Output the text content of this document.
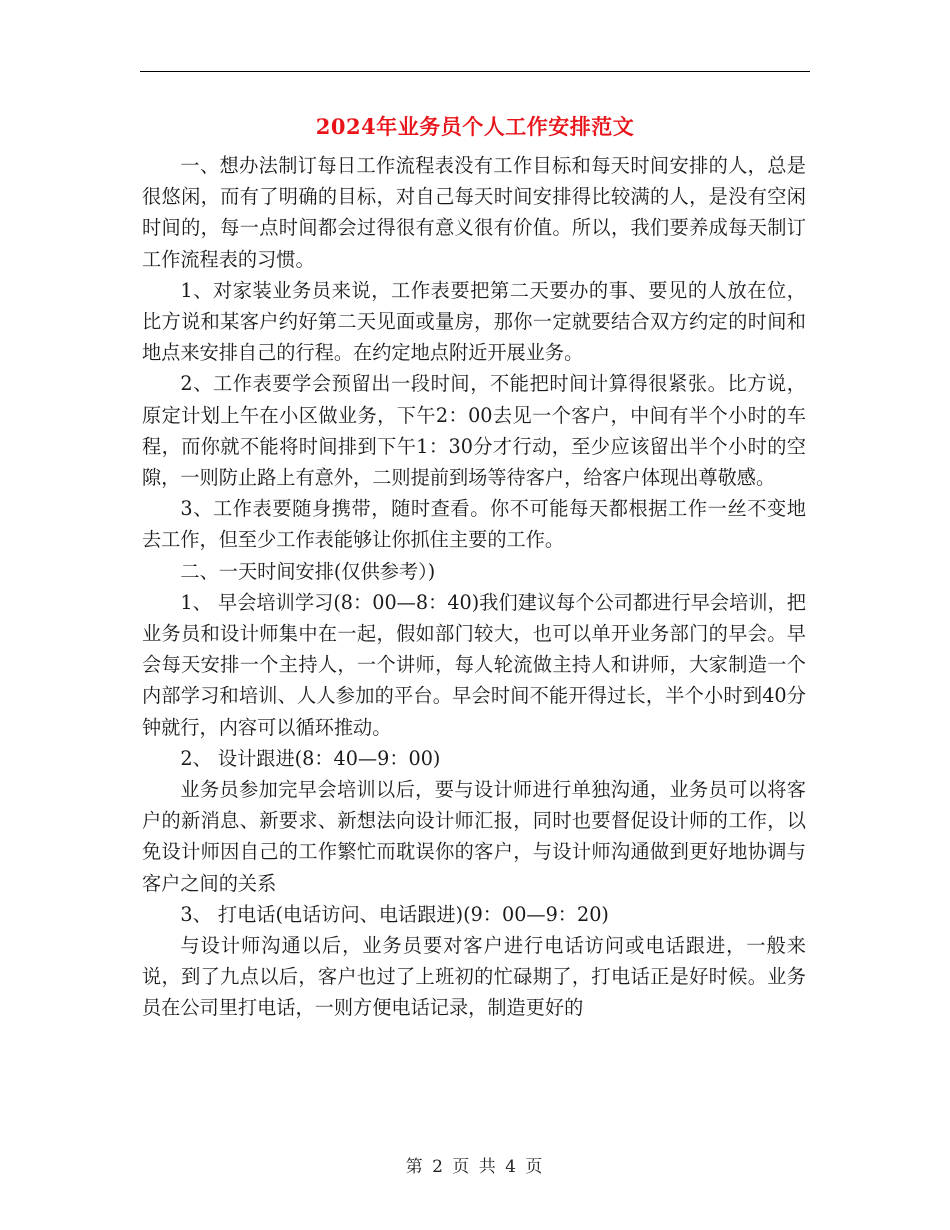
2024年业务员个人工作安排范文

一、想办法制订每日工作流程表没有工作目标和每天时间安排的人，总是很悠闲，而有了明确的目标，对自己每天时间安排得比较满的人，是没有空闲时间的，每一点时间都会过得很有意义很有价值。所以，我们要养成每天制订工作流程表的习惯。

1、对家装业务员来说，工作表要把第二天要办的事、要见的人放在位，比方说和某客户约好第二天见面或量房，那你一定就要结合双方约定的时间和地点来安排自己的行程。在约定地点附近开展业务。

2、工作表要学会预留出一段时间，不能把时间计算得很紧张。比方说，原定计划上午在小区做业务，下午2：00去见一个客户，中间有半个小时的车程，而你就不能将时间排到下午1：30分才行动，至少应该留出半个小时的空隙，一则防止路上有意外，二则提前到场等待客户，给客户体现出尊敬感。

3、工作表要随身携带，随时查看。你不可能每天都根据工作一丝不变地去工作，但至少工作表能够让你抓住主要的工作。

二、一天时间安排(仅供参考）)

1、 早会培训学习(8：00—8：40)我们建议每个公司都进行早会培训，把业务员和设计师集中在一起，假如部门较大，也可以单开业务部门的早会。早会每天安排一个主持人，一个讲师，每人轮流做主持人和讲师，大家制造一个内部学习和培训、人人参加的平台。早会时间不能开得过长，半个小时到40分钟就行，内容可以循环推动。

2、 设计跟进(8：40—9：00)

业务员参加完早会培训以后，要与设计师进行单独沟通，业务员可以将客户的新消息、新要求、新想法向设计师汇报，同时也要督促设计师的工作，以免设计师因自己的工作繁忙而耽误你的客户，与设计师沟通做到更好地协调与客户之间的关系

3、 打电话(电话访问、电话跟进)(9：00—9：20)

与设计师沟通以后，业务员要对客户进行电话访问或电话跟进，一般来说，到了九点以后，客户也过了上班初的忙碌期了，打电话正是好时候。业务员在公司里打电话，一则方便电话记录，制造更好的

第 2 页 共 4 页
